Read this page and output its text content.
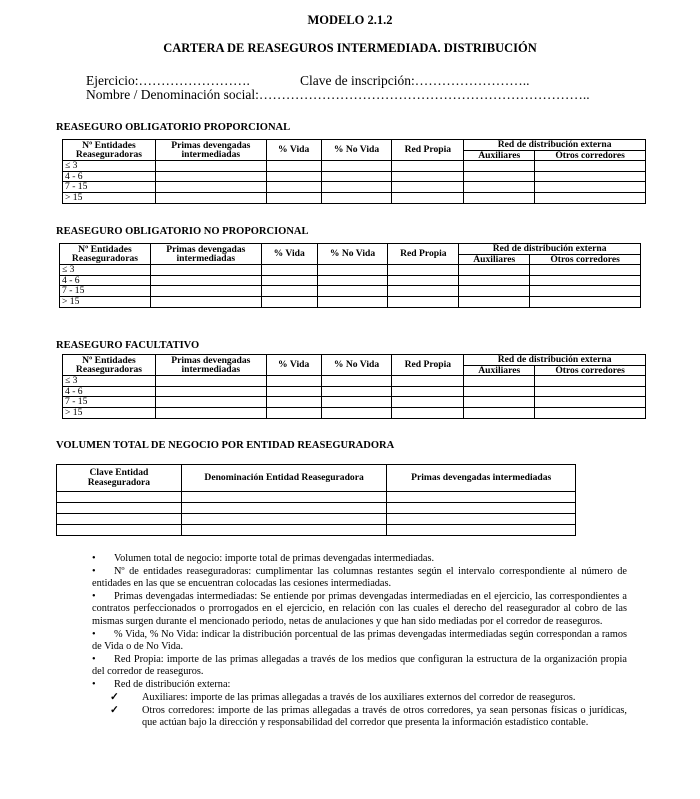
MODELO 2.1.2
CARTERA DE REASEGUROS INTERMEDIADA. DISTRIBUCIÓN
Ejercicio:…………………….	Clave de inscripción:……………………..
Nombre / Denominación social:………………………………………………………………..
REASEGURO OBLIGATORIO PROPORCIONAL
Nº Entidades
Reaseguradoras	Primas devengadas
intermediadas	% Vida	% No Vida	Red Propia	Red de distribución externa	
					Auxiliares	Otros corredores
≤ 3						
4 - 6						
7 - 15						
> 15						
REASEGURO OBLIGATORIO NO PROPORCIONAL
Nº Entidades
Reaseguradoras	Primas devengadas
intermediadas	% Vida	% No Vida	Red Propia	Red de distribución externa	
					Auxiliares	Otros corredores
≤ 3						
4 - 6						
7 - 15						
> 15						
REASEGURO FACULTATIVO
Nº Entidades
Reaseguradoras	Primas devengadas
intermediadas	% Vida	% No Vida	Red Propia	Red de distribución externa	
					Auxiliares	Otros corredores
≤ 3						
4 - 6						
7 - 15						
> 15						
VOLUMEN TOTAL DE NEGOCIO POR ENTIDAD REASEGURADORA
Clave Entidad
Reaseguradora	Denominación Entidad Reaseguradora	Primas devengadas intermediadas

• Volumen total de negocio: importe total de primas devengadas intermediadas.

• Nº de entidades reaseguradoras: cumplimentar las columnas restantes según el intervalo correspondiente al número de entidades en las que se encuentran colocadas las cesiones intermediadas.

• Primas devengadas intermediadas: Se entiende por primas devengadas intermediadas en el ejercicio, las correspondientes a contratos perfeccionados o prorrogados en el ejercicio, en relación con las cuales el derecho del reasegurador al cobro de las mismas surgen durante el mencionado periodo, netas de anulaciones y que han sido mediadas por el corredor de reaseguros.

• % Vida, % No Vida: indicar la distribución porcentual de las primas devengadas intermediadas según correspondan a ramos de Vida o de No Vida.

• Red Propia: importe de las primas allegadas a través de los medios que configuran la estructura de la organización propia del corredor de reaseguros.

• Red de distribución externa:

✓ Auxiliares: importe de las primas allegadas a través de los auxiliares externos del corredor de reaseguros.

✓ Otros corredores: importe de las primas allegadas a través de otros corredores, ya sean personas físicas o jurídicas, que actúan bajo la dirección y responsabilidad del corredor que presenta la información estadístico contable.
